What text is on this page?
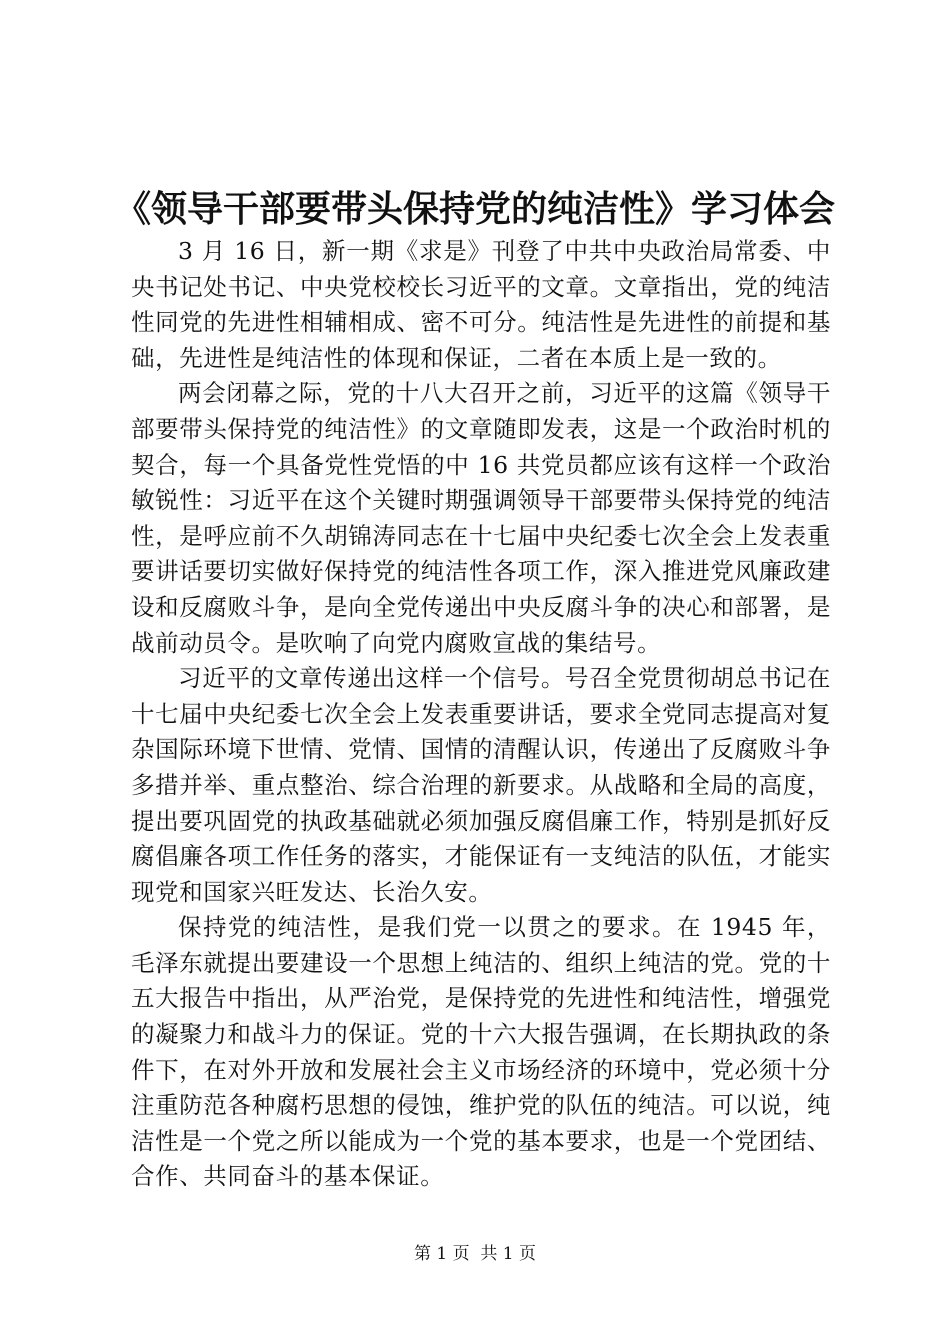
《领导干部要带头保持党的纯洁性》学习体会

3 月 16 日，新一期《求是》刊登了中共中央政治局常委、中央书记处书记、中央党校校长习近平的文章。文章指出，党的纯洁性同党的先进性相辅相成、密不可分。纯洁性是先进性的前提和基础，先进性是纯洁性的体现和保证，二者在本质上是一致的。

两会闭幕之际，党的十八大召开之前，习近平的这篇《领导干部要带头保持党的纯洁性》的文章随即发表，这是一个政治时机的契合，每一个具备党性党悟的中 16 共党员都应该有这样一个政治敏锐性：习近平在这个关键时期强调领导干部要带头保持党的纯洁性，是呼应前不久胡锦涛同志在十七届中央纪委七次全会上发表重要讲话要切实做好保持党的纯洁性各项工作，深入推进党风廉政建设和反腐败斗争，是向全党传递出中央反腐斗争的决心和部署，是战前动员令。是吹响了向党内腐败宣战的集结号。

习近平的文章传递出这样一个信号。号召全党贯彻胡总书记在十七届中央纪委七次全会上发表重要讲话，要求全党同志提高对复杂国际环境下世情、党情、国情的清醒认识，传递出了反腐败斗争多措并举、重点整治、综合治理的新要求。从战略和全局的高度，提出要巩固党的执政基础就必须加强反腐倡廉工作，特别是抓好反腐倡廉各项工作任务的落实，才能保证有一支纯洁的队伍，才能实现党和国家兴旺发达、长治久安。

保持党的纯洁性，是我们党一以贯之的要求。在 1945 年，毛泽东就提出要建设一个思想上纯洁的、组织上纯洁的党。党的十五大报告中指出，从严治党，是保持党的先进性和纯洁性，增强党的凝聚力和战斗力的保证。党的十六大报告强调，在长期执政的条件下，在对外开放和发展社会主义市场经济的环境中，党必须十分注重防范各种腐朽思想的侵蚀，维护党的队伍的纯洁。可以说，纯洁性是一个党之所以能成为一个党的基本要求，也是一个党团结、合作、共同奋斗的基本保证。

第 1 页  共 1 页
